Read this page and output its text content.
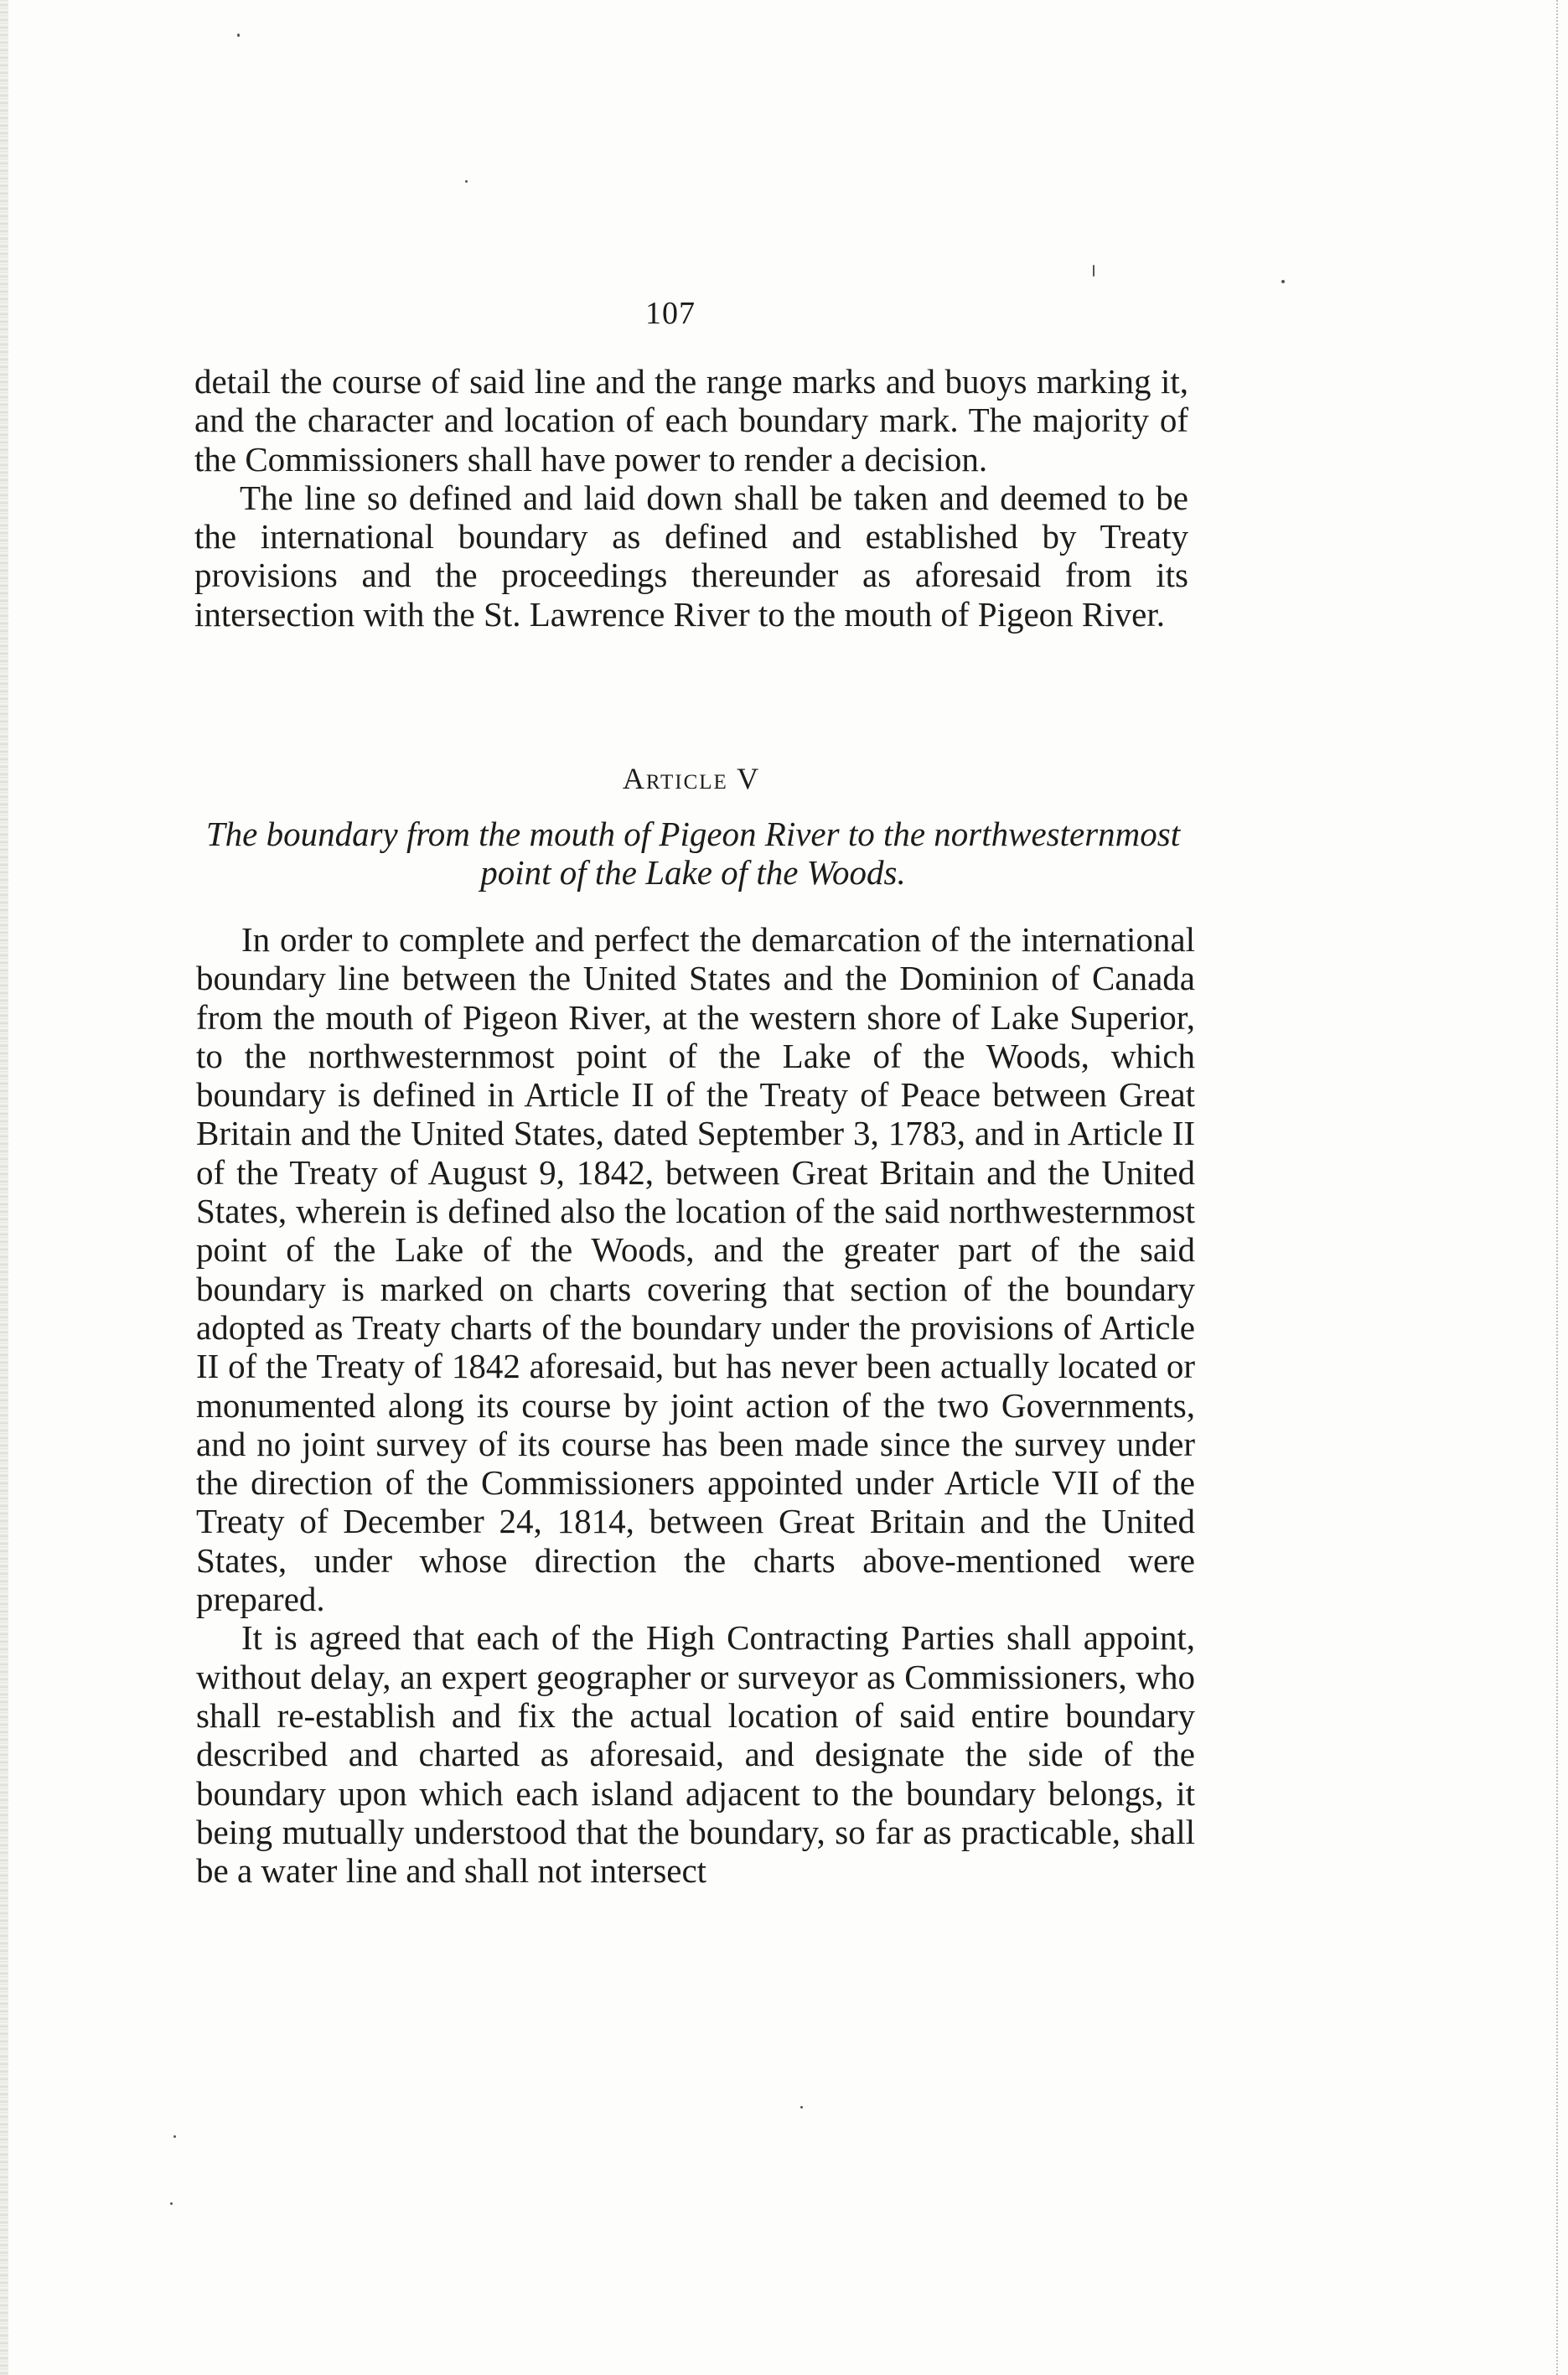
107

detail the course of said line and the range marks and buoys marking it, and the character and location of each boundary mark. The majority of the Commissioners shall have power to render a decision.

The line so defined and laid down shall be taken and deemed to be the international boundary as defined and established by Treaty provisions and the proceedings thereunder as aforesaid from its intersection with the St. Lawrence River to the mouth of Pigeon River.

Article V
The boundary from the mouth of Pigeon River to the northwesternmost point of the Lake of the Woods.

In order to complete and perfect the demarcation of the international boundary line between the United States and the Dominion of Canada from the mouth of Pigeon River, at the western shore of Lake Superior, to the northwesternmost point of the Lake of the Woods, which boundary is defined in Article II of the Treaty of Peace between Great Britain and the United States, dated September 3, 1783, and in Article II of the Treaty of August 9, 1842, between Great Britain and the United States, wherein is defined also the location of the said northwesternmost point of the Lake of the Woods, and the greater part of the said boundary is marked on charts covering that section of the boundary adopted as Treaty charts of the boundary under the provisions of Article II of the Treaty of 1842 aforesaid, but has never been actually located or monumented along its course by joint action of the two Governments, and no joint survey of its course has been made since the survey under the direction of the Commissioners appointed under Article VII of the Treaty of December 24, 1814, between Great Britain and the United States, under whose direction the charts above-mentioned were prepared.

It is agreed that each of the High Contracting Parties shall appoint, without delay, an expert geographer or surveyor as Commissioners, who shall re-establish and fix the actual location of said entire boundary described and charted as aforesaid, and designate the side of the boundary upon which each island adjacent to the boundary belongs, it being mutually understood that the boundary, so far as practicable, shall be a water line and shall not intersect
